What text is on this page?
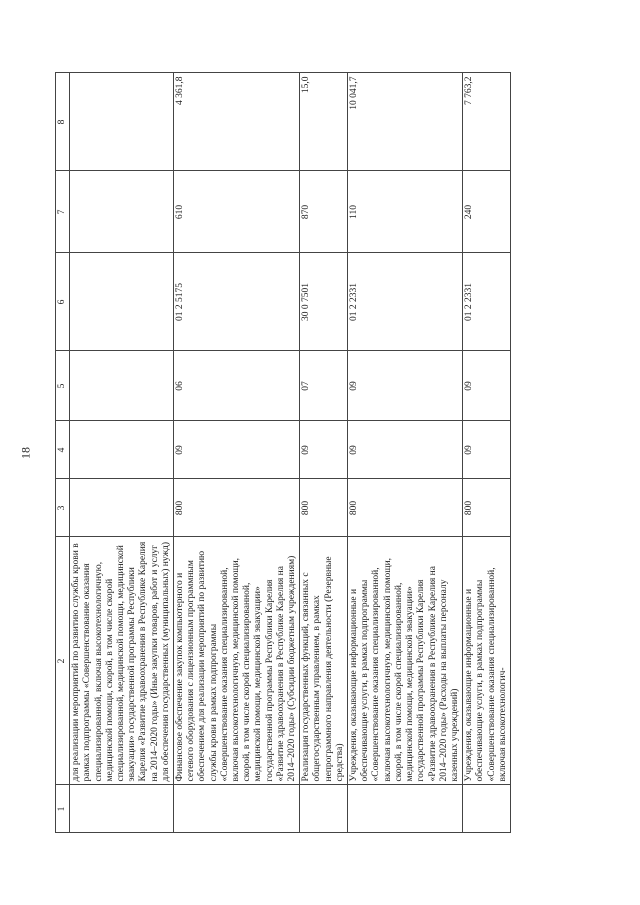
18
1	2	3	4	5	6	7	8
	для реализации мероприятий по развитию службы крови в рамках подпрограммы «Совершенствование оказания специализированной, включая высокотехнологичную, медицинской помощи, скорой, в том числе скорой специализированной, медицинской помощи, медицинской эвакуации» государственной программы Республики Карелия «Развитие здравоохранения в Республике Карелия на 2014–2020 годы» (Иные закупки товаров, работ и услуг для обеспечения государственных (муниципальных) нужд)						
	Финансовое обеспечение закупок компьютерного и сетевого оборудования с лицензионным программным обеспечением для реализации мероприятий по развитию службы крови в рамках подпрограммы «Совершенствование оказания специализированной, включая высокотехнологичную, медицинской помощи, скорой, в том числе скорой специализированной, медицинской помощи, медицинской эвакуации» государственной программы Республики Карелия «Развитие здравоохранения в Республике Карелия на 2014–2020 годы» (Субсидии бюджетным учреждениям)	800	09	06	01 2 5175	610	4 361,8
	Реализация государственных функций, связанных с общегосударственным управлением, в рамках непрограммного направления деятельности (Резервные средства)	800	09	07	30 0 7501	870	15,0
	Учреждения, оказывающие информационные и обеспечивающие услуги, в рамках подпрограммы «Совершенствование оказания специализированной, включая высокотехнологичную, медицинской помощи, скорой, в том числе скорой специализированной, медицинской помощи, медицинской эвакуации» государственной программы Республики Карелия «Развитие здравоохранения в Республике Карелия на 2014–2020 годы» (Расходы на выплаты персоналу казенных учреждений)	800	09	09	01 2 2331	110	10 041,7
	Учреждения, оказывающие информационные и обеспечивающие услуги, в рамках подпрограммы «Совершенствование оказания специализированной, включая высокотехнологич-	800	09	09	01 2 2331	240	7 763,2
